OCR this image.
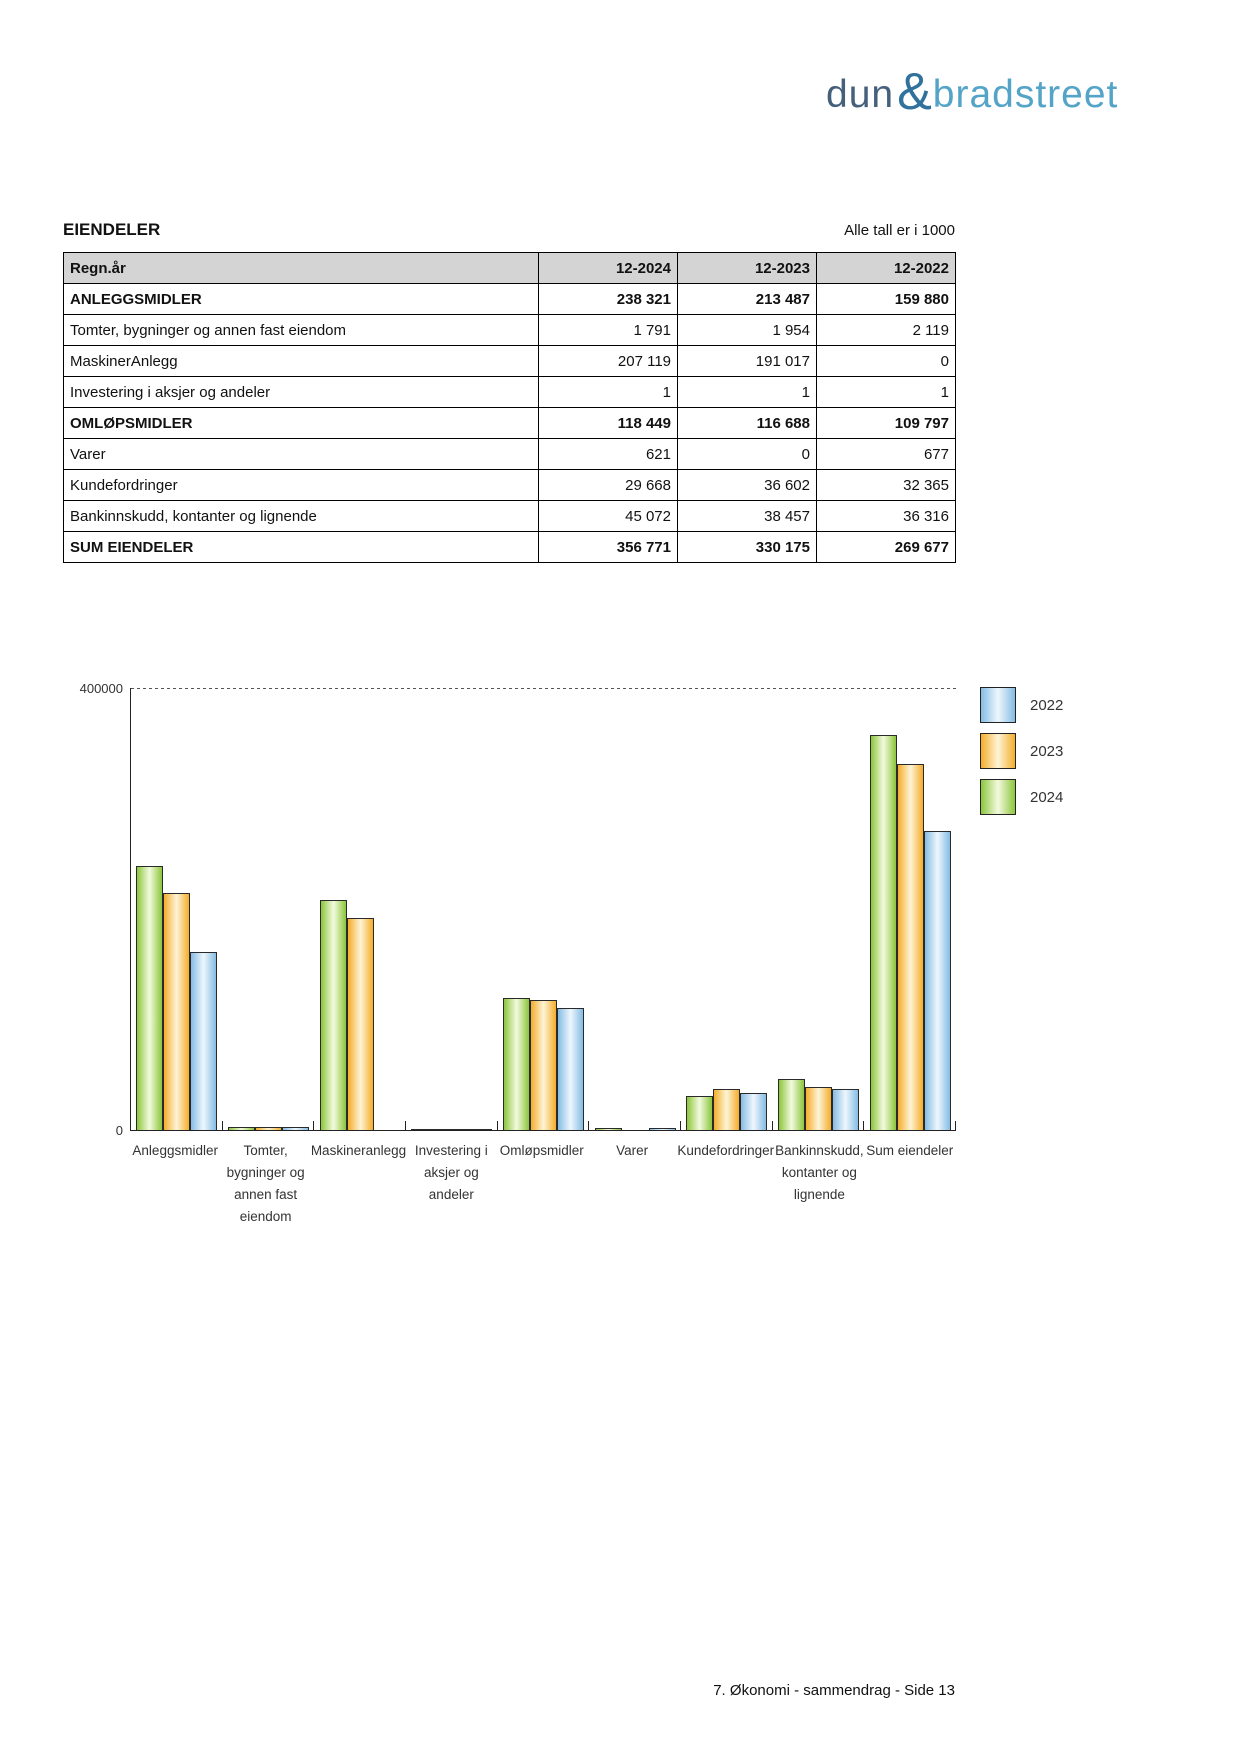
dun & bradstreet
EIENDELER	Alle tall er i 1000
Regn.år	12-2024	12-2023	12-2022
ANLEGGSMIDLER	238 321	213 487	159 880
Tomter, bygninger og annen fast eiendom	1 791	1 954	2 119
MaskinerAnlegg	207 119	191 017	0
Investering i aksjer og andeler	1	1	1
OMLØPSMIDLER	118 449	116 688	109 797
Varer	621	0	677
Kundefordringer	29 668	36 602	32 365
Bankinnskudd, kontanter og lignende	45 072	38 457	36 316
SUM EIENDELER	356 771	330 175	269 677
400000
0
Anleggsmidler Tomter,
bygninger og
annen fast
eiendom
Maskineranlegg Investering i
aksjer og
andeler
Omløpsmidler Varer Kundefordringer Bankinnskudd,
kontanter og
lignende
Sum eiendeler
2022
2023
2024
7. Økonomi - sammendrag - Side 13
